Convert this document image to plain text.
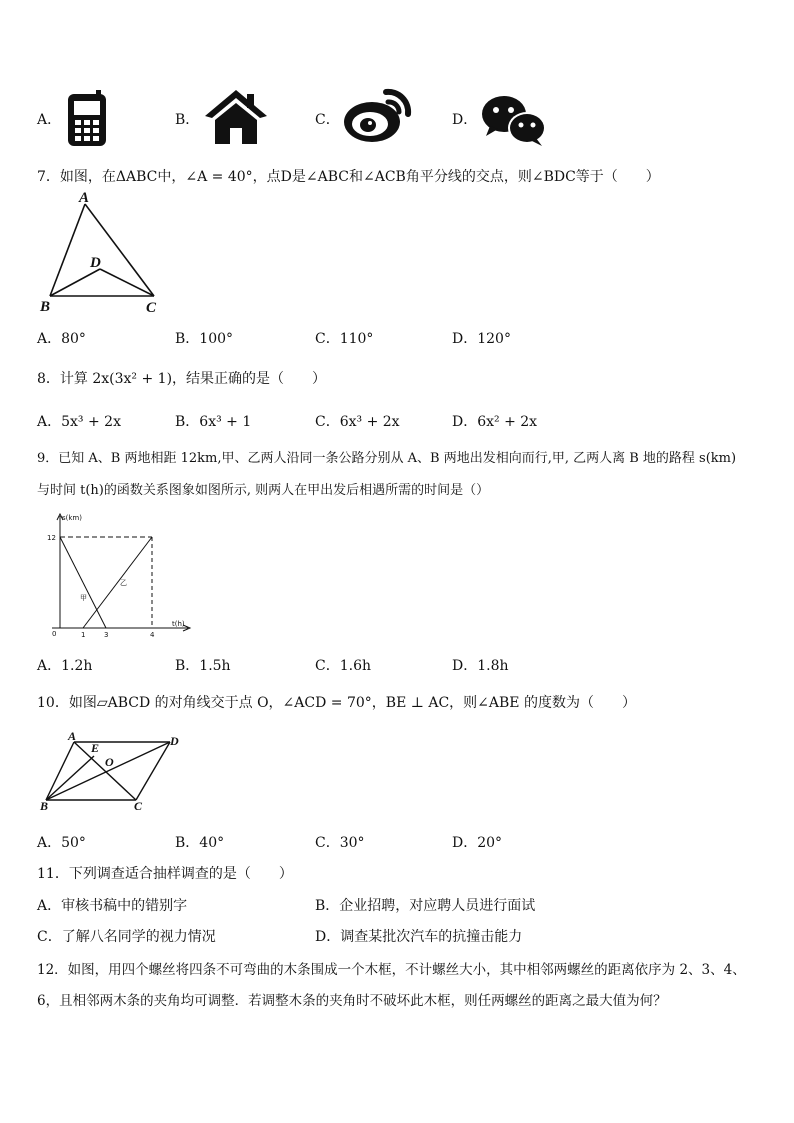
A．	B．	C．	D．
7．如图，在ΔABC中，∠A = 40°，点D是∠ABC和∠ACB角平分线的交点，则∠BDC等于（　　）
A
B	C
D
A．80°	B．100°	C．110°	D．120°
8．计算 2x(3x² + 1)，结果正确的是（　　）
A．5x³ + 2x	B．6x³ + 1	C．6x³ + 2x	D．6x² + 2x
9．已知 A、B 两地相距 12km,甲、乙两人沿同一条公路分别从 A、B 两地出发相向而行,甲, 乙两人离 B 地的路程 s(km)
与时间 t(h)的函数关系图象如图所示, 则两人在甲出发后相遇所需的时间是（）
s(km)
t(h)
0
12
1	3	4
甲
乙
A．1.2h	B．1.5h	C．1.6h	D．1.8h
10．如图▱ABCD 的对角线交于点 O，∠ACD = 70°，BE ⊥ AC，则∠ABE 的度数为（　　）
A	D
B	C
E
O
A．50°	B．40°	C．30°	D．20°
11．下列调查适合抽样调查的是（　　）
A．审核书稿中的错别字	B．企业招聘，对应聘人员进行面试
C．了解八名同学的视力情况	D．调查某批次汽车的抗撞击能力
12．如图，用四个螺丝将四条不可弯曲的木条围成一个木框，不计螺丝大小，其中相邻两螺丝的距离依序为 2、3、4、
6，且相邻两木条的夹角均可调整．若调整木条的夹角时不破坏此木框，则任两螺丝的距离之最大值为何？
